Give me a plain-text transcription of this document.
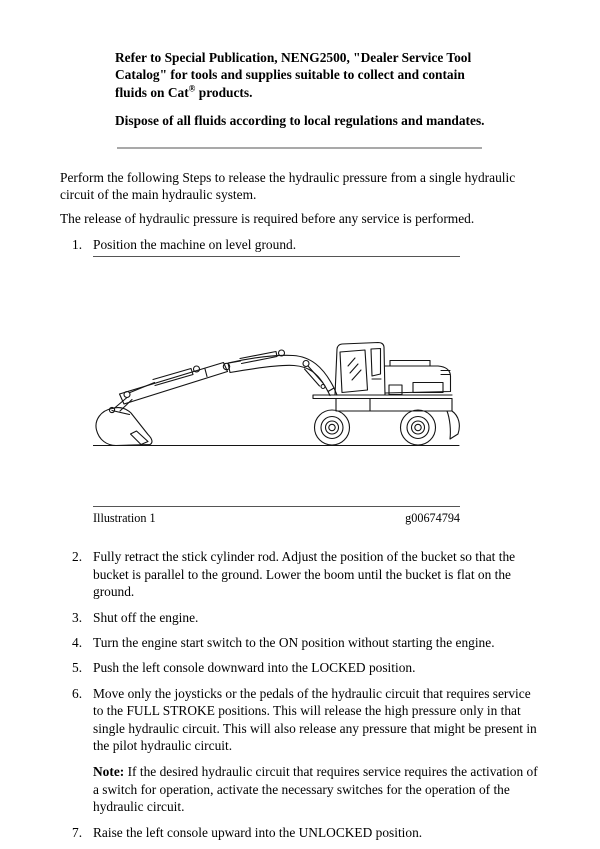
Refer to Special Publication, NENG2500, "Dealer Service Tool Catalog" for tools and supplies suitable to collect and contain fluids on Cat® products.

Dispose of all fluids according to local regulations and mandates.

Perform the following Steps to release the hydraulic pressure from a single hydraulic circuit of the main hydraulic system.

The release of hydraulic pressure is required before any service is performed.

1. Position the machine on level ground.
Illustration 1	g00674794
2. Fully retract the stick cylinder rod. Adjust the position of the bucket so that the bucket is parallel to the ground. Lower the boom until the bucket is flat on the ground.
3. Shut off the engine.
4. Turn the engine start switch to the ON position without starting the engine.
5. Push the left console downward into the LOCKED position.
6. Move only the joysticks or the pedals of the hydraulic circuit that requires service to the FULL STROKE positions. This will release the high pressure only in that single hydraulic circuit. This will also release any pressure that might be present in the pilot hydraulic circuit.
Note: If the desired hydraulic circuit that requires service requires the activation of a switch for operation, activate the necessary switches for the operation of the hydraulic circuit.
7. Raise the left console upward into the UNLOCKED position.
